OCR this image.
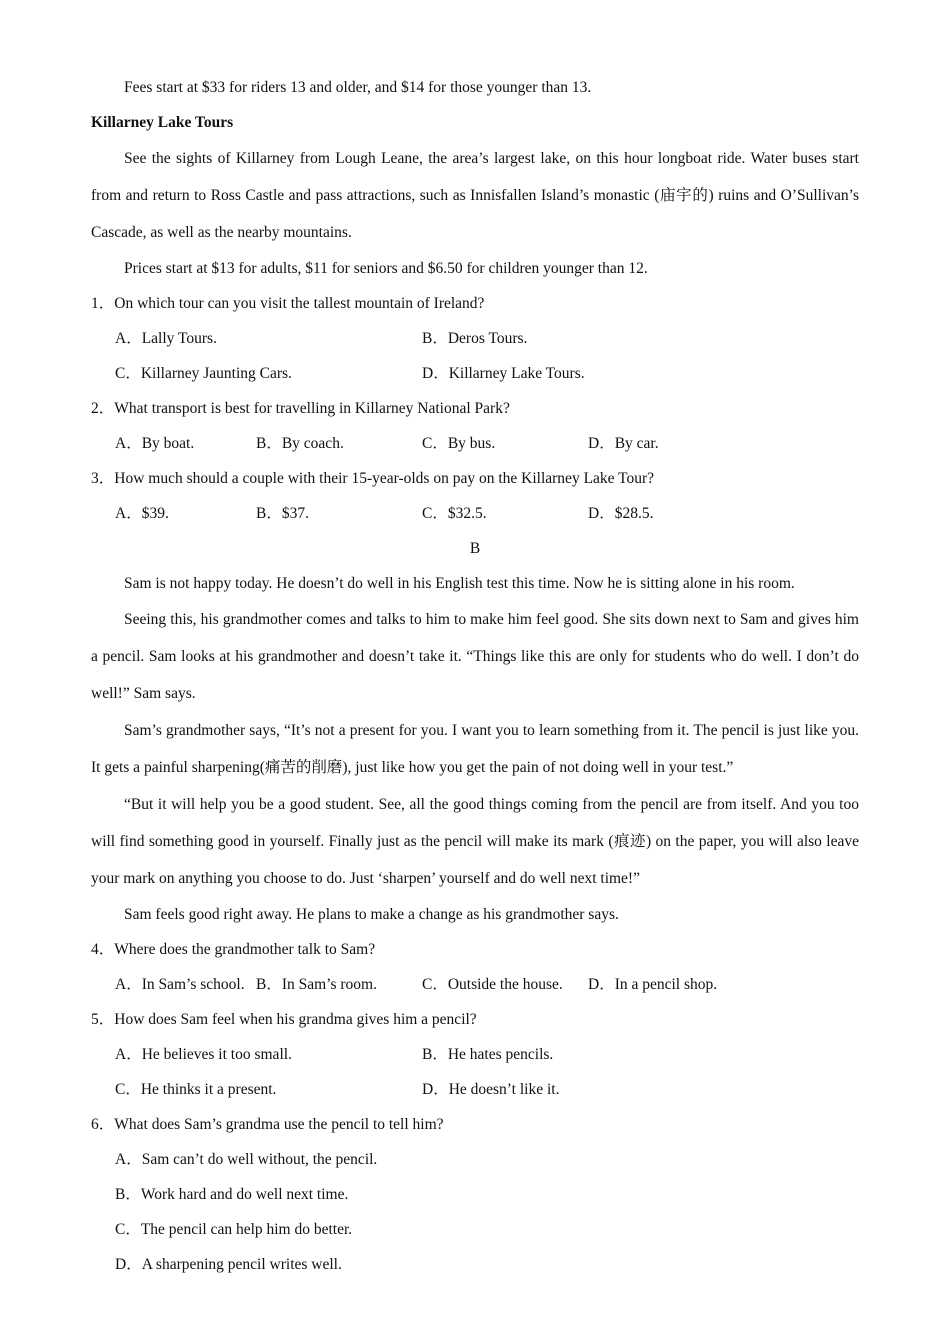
Fees start at $33 for riders 13 and older, and $14 for those younger than 13.

Killarney Lake Tours

See the sights of Killarney from Lough Leane, the area’s largest lake, on this hour longboat ride. Water buses start from and return to Ross Castle and pass attractions, such as Innisfallen Island’s monastic (庙宇的) ruins and O’Sullivan’s Cascade, as well as the nearby mountains.

Prices start at $13 for adults, $11 for seniors and $6.50 for children younger than 12.

1．On which tour can you visit the tallest mountain of Ireland?

A．Lally Tours.	B．Deros Tours.
C．Killarney Jaunting Cars.	D．Killarney Lake Tours.

2．What transport is best for travelling in Killarney National Park?

A．By boat.	B．By coach.	C．By bus.	D．By car.

3．How much should a couple with their 15-year-olds on pay on the Killarney Lake Tour?

A．$39.	B．$37.	C．$32.5.	D．$28.5.

B

Sam is not happy today. He doesn’t do well in his English test this time. Now he is sitting alone in his room.

Seeing this, his grandmother comes and talks to him to make him feel good. She sits down next to Sam and gives him a pencil. Sam looks at his grandmother and doesn’t take it. “Things like this are only for students who do well. I don’t do well!” Sam says.

Sam’s grandmother says, “It’s not a present for you. I want you to learn something from it. The pencil is just like you. It gets a painful sharpening(痛苦的削磨), just like how you get the pain of not doing well in your test.”

“But it will help you be a good student. See, all the good things coming from the pencil are from itself. And you too will find something good in yourself. Finally just as the pencil will make its mark (痕迹) on the paper, you will also leave your mark on anything you choose to do. Just ‘sharpen’ yourself and do well next time!”

Sam feels good right away. He plans to make a change as his grandmother says.

4．Where does the grandmother talk to Sam?

A．In Sam’s school. B．In Sam’s room.	C．Outside the house.	D．In a pencil shop.

5．How does Sam feel when his grandma gives him a pencil?

A．He believes it too small.	B．He hates pencils.
C．He thinks it a present.	D．He doesn’t like it.

6．What does Sam’s grandma use the pencil to tell him?

A．Sam can’t do well without, the pencil.

B．Work hard and do well next time.

C．The pencil can help him do better.

D．A sharpening pencil writes well.
